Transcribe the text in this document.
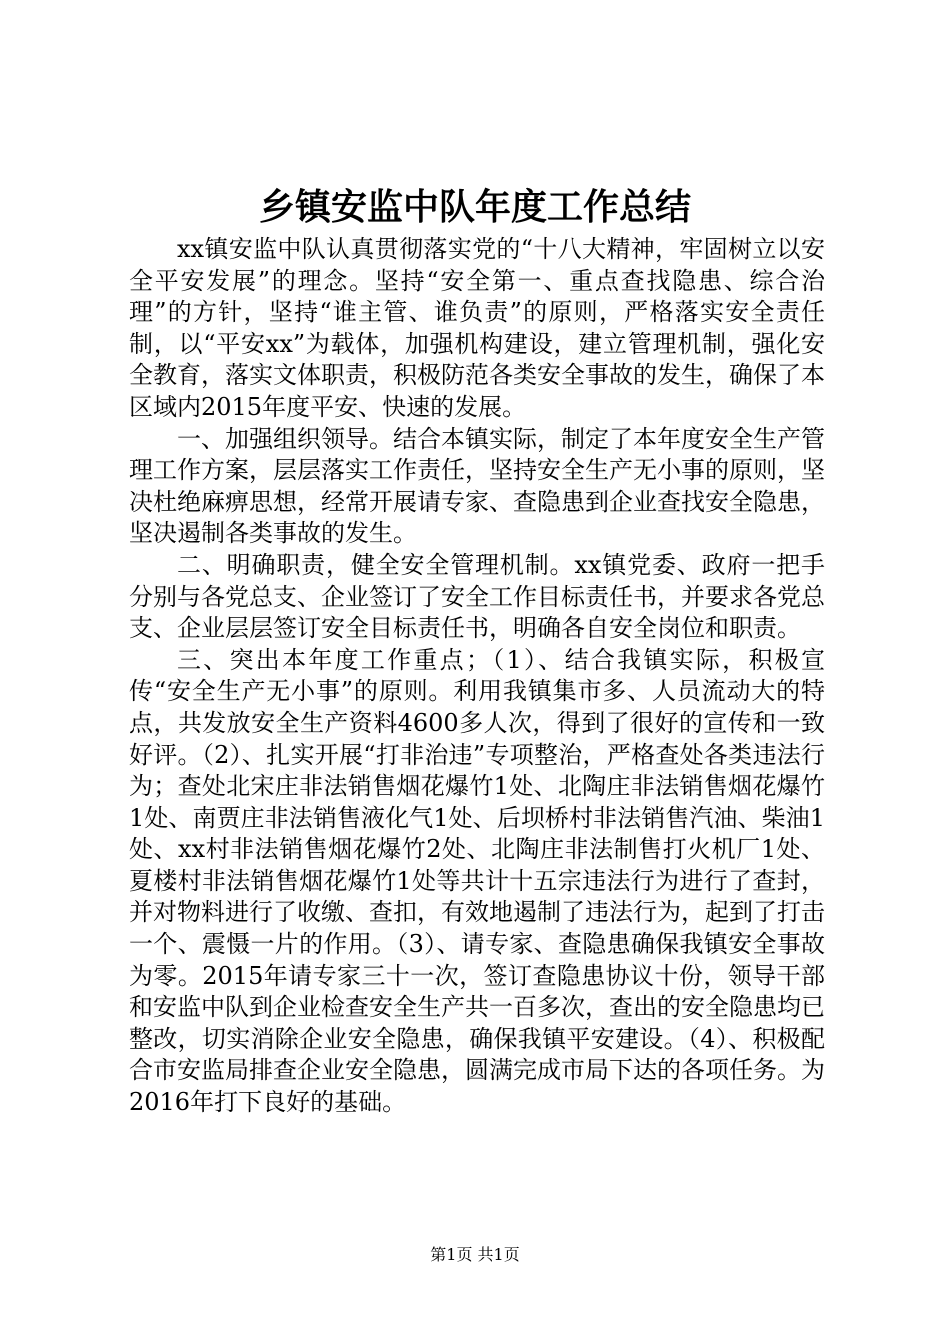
乡镇安监中队年度工作总结

xx镇安监中队认真贯彻落实党的“十八大精神，牢固树立以安全平安发展”的理念。坚持“安全第一、重点查找隐患、综合治理”的方针，坚持“谁主管、谁负责”的原则，严格落实安全责任制，以“平安xx”为载体，加强机构建设，建立管理机制，强化安全教育，落实文体职责，积极防范各类安全事故的发生，确保了本区域内2015年度平安、快速的发展。

一、加强组织领导。结合本镇实际，制定了本年度安全生产管理工作方案，层层落实工作责任，坚持安全生产无小事的原则，坚决杜绝麻痹思想，经常开展请专家、查隐患到企业查找安全隐患，坚决遏制各类事故的发生。

二、明确职责，健全安全管理机制。xx镇党委、政府一把手分别与各党总支、企业签订了安全工作目标责任书，并要求各党总支、企业层层签订安全目标责任书，明确各自安全岗位和职责。

三、突出本年度工作重点；（1）、结合我镇实际，积极宣传“安全生产无小事”的原则。利用我镇集市多、人员流动大的特点，共发放安全生产资料4600多人次，得到了很好的宣传和一致好评。（2）、扎实开展“打非治违”专项整治，严格查处各类违法行为；查处北宋庄非法销售烟花爆竹1处、北陶庄非法销售烟花爆竹1处、南贾庄非法销售液化气1处、后坝桥村非法销售汽油、柴油1处、xx村非法销售烟花爆竹2处、北陶庄非法制售打火机厂1处、夏楼村非法销售烟花爆竹1处等共计十五宗违法行为进行了查封，并对物料进行了收缴、查扣，有效地遏制了违法行为，起到了打击一个、震慑一片的作用。（3）、请专家、查隐患确保我镇安全事故为零。2015年请专家三十一次，签订查隐患协议十份，领导干部和安监中队到企业检查安全生产共一百多次，查出的安全隐患均已整改，切实消除企业安全隐患，确保我镇平安建设。（4）、积极配合市安监局排查企业安全隐患，圆满完成市局下达的各项任务。为2016年打下良好的基础。

第1页 共1页
